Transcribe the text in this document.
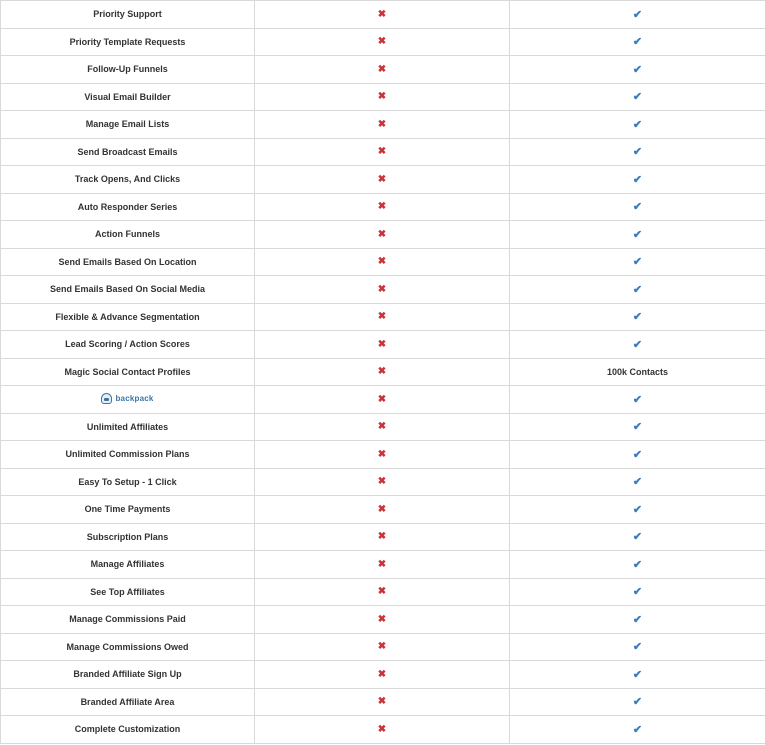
Priority Support	✖	✔
Priority Template Requests	✖	✔
Follow-Up Funnels	✖	✔
Visual Email Builder	✖	✔
Manage Email Lists	✖	✔
Send Broadcast Emails	✖	✔
Track Opens, And Clicks	✖	✔
Auto Responder Series	✖	✔
Action Funnels	✖	✔
Send Emails Based On Location	✖	✔
Send Emails Based On Social Media	✖	✔
Flexible & Advance Segmentation	✖	✔
Lead Scoring / Action Scores	✖	✔
Magic Social Contact Profiles	✖	100k Contacts

backpack	✖	✔
Unlimited Affiliates	✖	✔
Unlimited Commission Plans	✖	✔
Easy To Setup - 1 Click	✖	✔
One Time Payments	✖	✔
Subscription Plans	✖	✔
Manage Affiliates	✖	✔
See Top Affiliates	✖	✔
Manage Commissions Paid	✖	✔
Manage Commissions Owed	✖	✔
Branded Affiliate Sign Up	✖	✔
Branded Affiliate Area	✖	✔
Complete Customization	✖	✔
